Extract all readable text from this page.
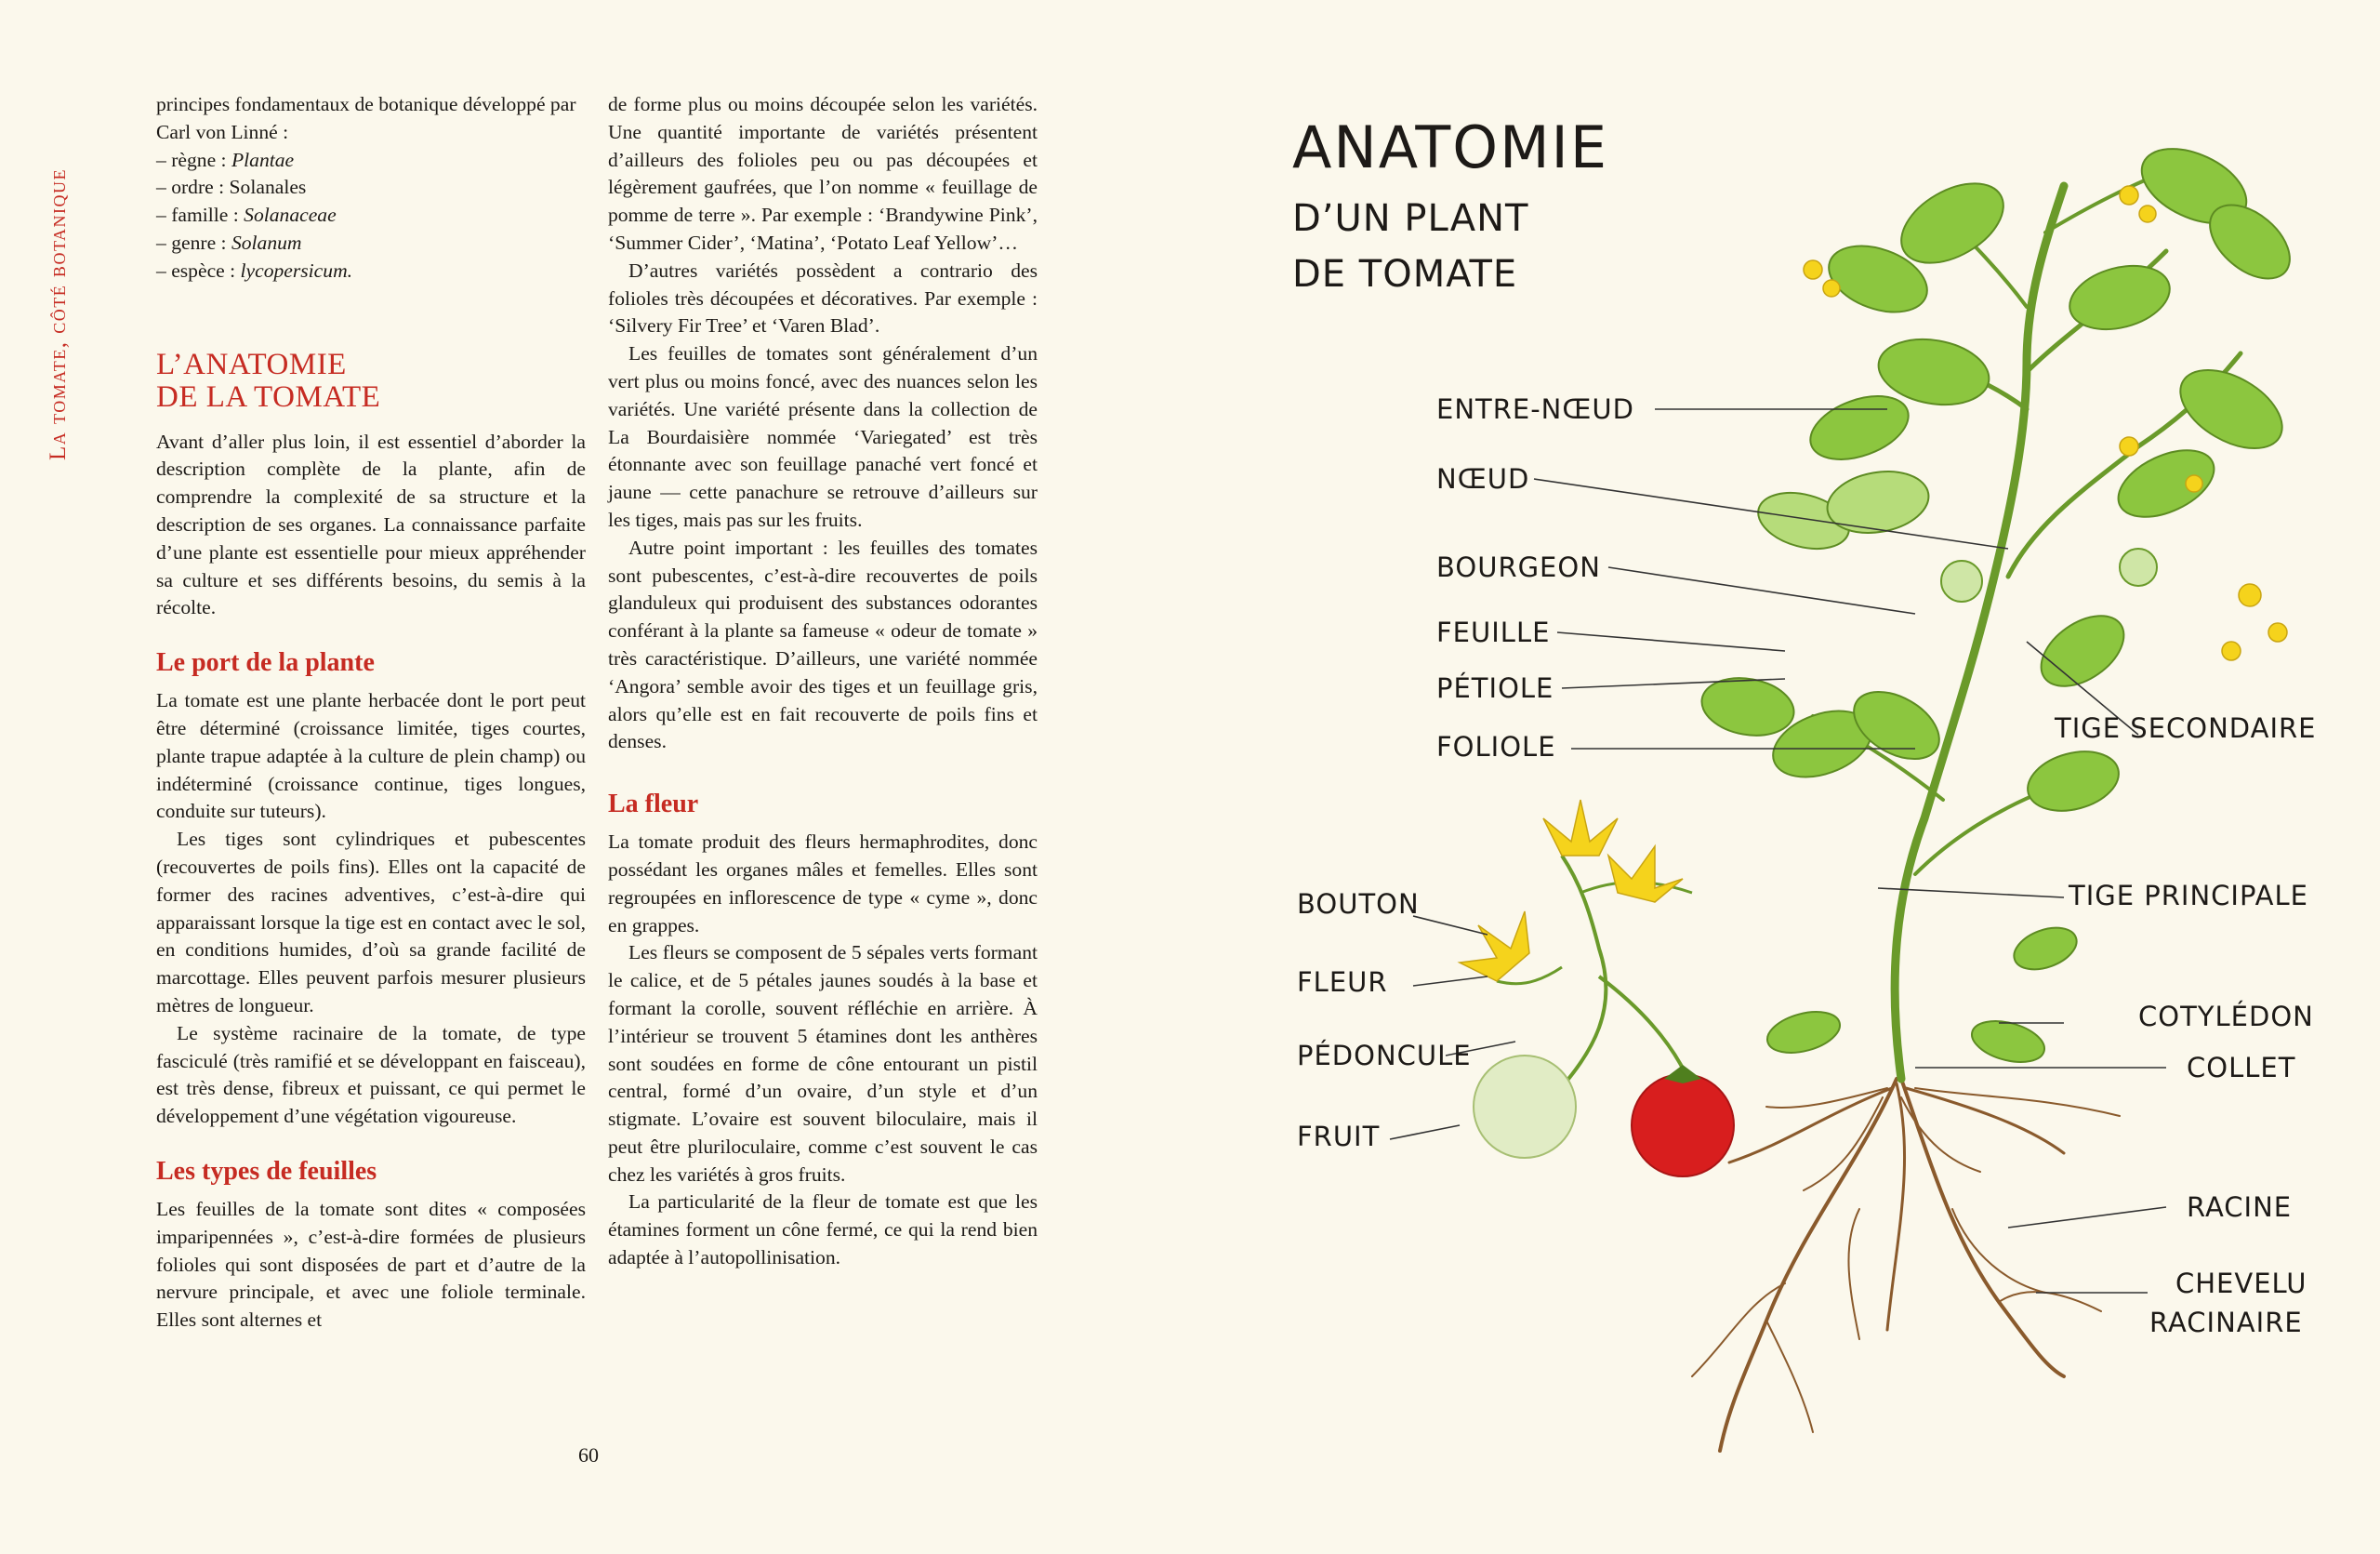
La tomate, côté botanique

principes fondamentaux de botanique développé par Carl von Linné :

– règne : Plantae
– ordre : Solanales
– famille : Solanaceae
– genre : Solanum
– espèce : lycopersicum.
L’ANATOMIE
DE LA TOMATE

Avant d’aller plus loin, il est essentiel d’aborder la description complète de la plante, afin de comprendre la complexité de sa structure et la description de ses organes. La connaissance parfaite d’une plante est essentielle pour mieux appréhender sa culture et ses différents besoins, du semis à la récolte.

Le port de la plante

La tomate est une plante herbacée dont le port peut être déterminé (croissance limitée, tiges courtes, plante trapue adaptée à la culture de plein champ) ou indéterminé (croissance continue, tiges longues, conduite sur tuteurs).

Les tiges sont cylindriques et pubescentes (recouvertes de poils fins). Elles ont la capacité de former des racines adventives, c’est-à-dire qui apparaissant lorsque la tige est en contact avec le sol, en conditions humides, d’où sa grande facilité de marcottage. Elles peuvent parfois mesurer plusieurs mètres de longueur.

Le système racinaire de la tomate, de type fasciculé (très ramifié et se développant en faisceau), est très dense, fibreux et puissant, ce qui permet le développement d’une végétation vigoureuse.

Les types de feuilles

Les feuilles de la tomate sont dites « composées imparipennées », c’est-à-dire formées de plusieurs folioles qui sont disposées de part et d’autre de la nervure principale, et avec une foliole terminale. Elles sont alternes et

de forme plus ou moins découpée selon les variétés. Une quantité importante de variétés présentent d’ailleurs des folioles peu ou pas découpées et légèrement gaufrées, que l’on nomme « feuillage de pomme de terre ». Par exemple : ‘Brandywine Pink’, ‘Summer Cider’, ‘Matina’, ‘Potato Leaf Yellow’…

D’autres variétés possèdent a contrario des folioles très découpées et décoratives. Par exemple : ‘Silvery Fir Tree’ et ‘Varen Blad’.

Les feuilles de tomates sont généralement d’un vert plus ou moins foncé, avec des nuances selon les variétés. Une variété présente dans la collection de La Bourdaisière nommée ‘Variegated’ est très étonnante avec son feuillage panaché vert foncé et jaune — cette panachure se retrouve d’ailleurs sur les tiges, mais pas sur les fruits.

Autre point important : les feuilles des tomates sont pubescentes, c’est-à-dire recouvertes de poils glanduleux qui produisent des substances odorantes conférant à la plante sa fameuse « odeur de tomate » très caractéristique. D’ailleurs, une variété nommée ‘Angora’ semble avoir des tiges et un feuillage gris, alors qu’elle est en fait recouverte de poils fins et denses.

La fleur

La tomate produit des fleurs hermaphrodites, donc possédant les organes mâles et femelles. Elles sont regroupées en inflorescence de type « cyme », donc en grappes.

Les fleurs se composent de 5 sépales verts formant le calice, et de 5 pétales jaunes soudés à la base et formant la corolle, souvent réfléchie en arrière. À l’intérieur se trouvent 5 étamines dont les anthères sont soudées en forme de cône entourant un pistil central, formé d’un ovaire, d’un style et d’un stigmate. L’ovaire est souvent biloculaire, mais il peut être pluriloculaire, comme c’est souvent le cas chez les variétés à gros fruits.

La particularité de la fleur de tomate est que les étamines forment un cône fermé, ce qui la rend bien adaptée à l’autopollinisation.

60
ANATOMIE
D’UN PLANT
DE TOMATE
ENTRE-NŒUD
NŒUD
BOURGEON
FEUILLE
PÉTIOLE
FOLIOLE
TIGE SECONDAIRE
TIGE PRINCIPALE
BOUTON
FLEUR
PÉDONCULE
FRUIT
COTYLÉDON
COLLET
RACINE
CHEVELU
RACINAIRE
